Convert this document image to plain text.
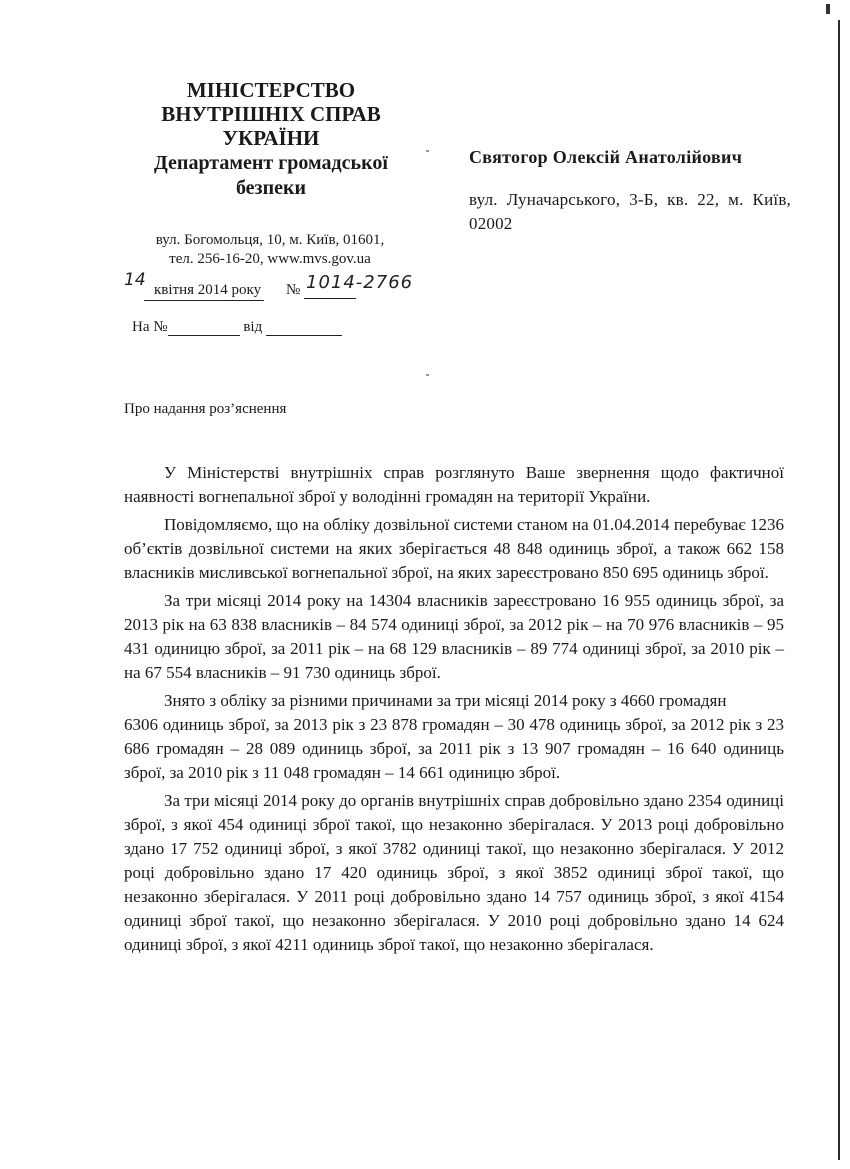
МІНІСТЕРСТВО
ВНУТРІШНІХ СПРАВ
УКРАЇНИ
Департамент громадської
безпеки
вул. Богомольця, 10, м. Київ, 01601,
тел. 256-16-20, www.mvs.gov.ua
14 квітня 2014 року № 1014-2766
На №	від
Святогор Олексій Анатолійович
вул. Луначарського, 3-Б, кв. 22, м. Київ, 02002
Про надання роз’яснення

У Міністерстві внутрішніх справ розглянуто Ваше звернення щодо фактичної наявності вогнепальної зброї у володінні громадян на території України.

Повідомляємо, що на обліку дозвільної системи станом на 01.04.2014 перебуває 1236 об’єктів дозвільної системи на яких зберігається 48 848 одиниць зброї, а також 662 158 власників мисливської вогнепальної зброї, на яких зареєстровано 850 695 одиниць зброї.

За три місяці 2014 року на 14304 власників зареєстровано 16 955 одиниць зброї, за 2013 рік на 63 838 власників – 84 574 одиниці зброї, за 2012 рік – на 70 976 власників – 95 431 одиницю зброї, за 2011 рік – на 68 129 власників – 89 774 одиниці зброї, за 2010 рік – на 67 554 власників – 91 730 одиниць зброї.

Знято з обліку за різними причинами за три місяці 2014 року з 4660 громадян

6306 одиниць зброї, за 2013 рік з 23 878 громадян – 30 478 одиниць зброї, за 2012 рік з 23 686 громадян – 28 089 одиниць зброї, за 2011 рік з 13 907 громадян – 16 640 одиниць зброї, за 2010 рік з 11 048 громадян – 14 661 одиницю зброї.

За три місяці 2014 року до органів внутрішніх справ добровільно здано 2354 одиниці зброї, з якої 454 одиниці зброї такої, що незаконно зберігалася. У 2013 році добровільно здано 17 752 одиниці зброї, з якої 3782 одиниці такої, що незаконно зберігалася. У 2012 році добровільно здано 17 420 одиниць зброї, з якої 3852 одиниці зброї такої, що незаконно зберігалася. У 2011 році добровільно здано 14 757 одиниць зброї, з якої 4154 одиниці зброї такої, що незаконно зберігалася. У 2010 році добровільно здано 14 624 одиниці зброї, з якої 4211 одиниць зброї такої, що незаконно зберігалася.
